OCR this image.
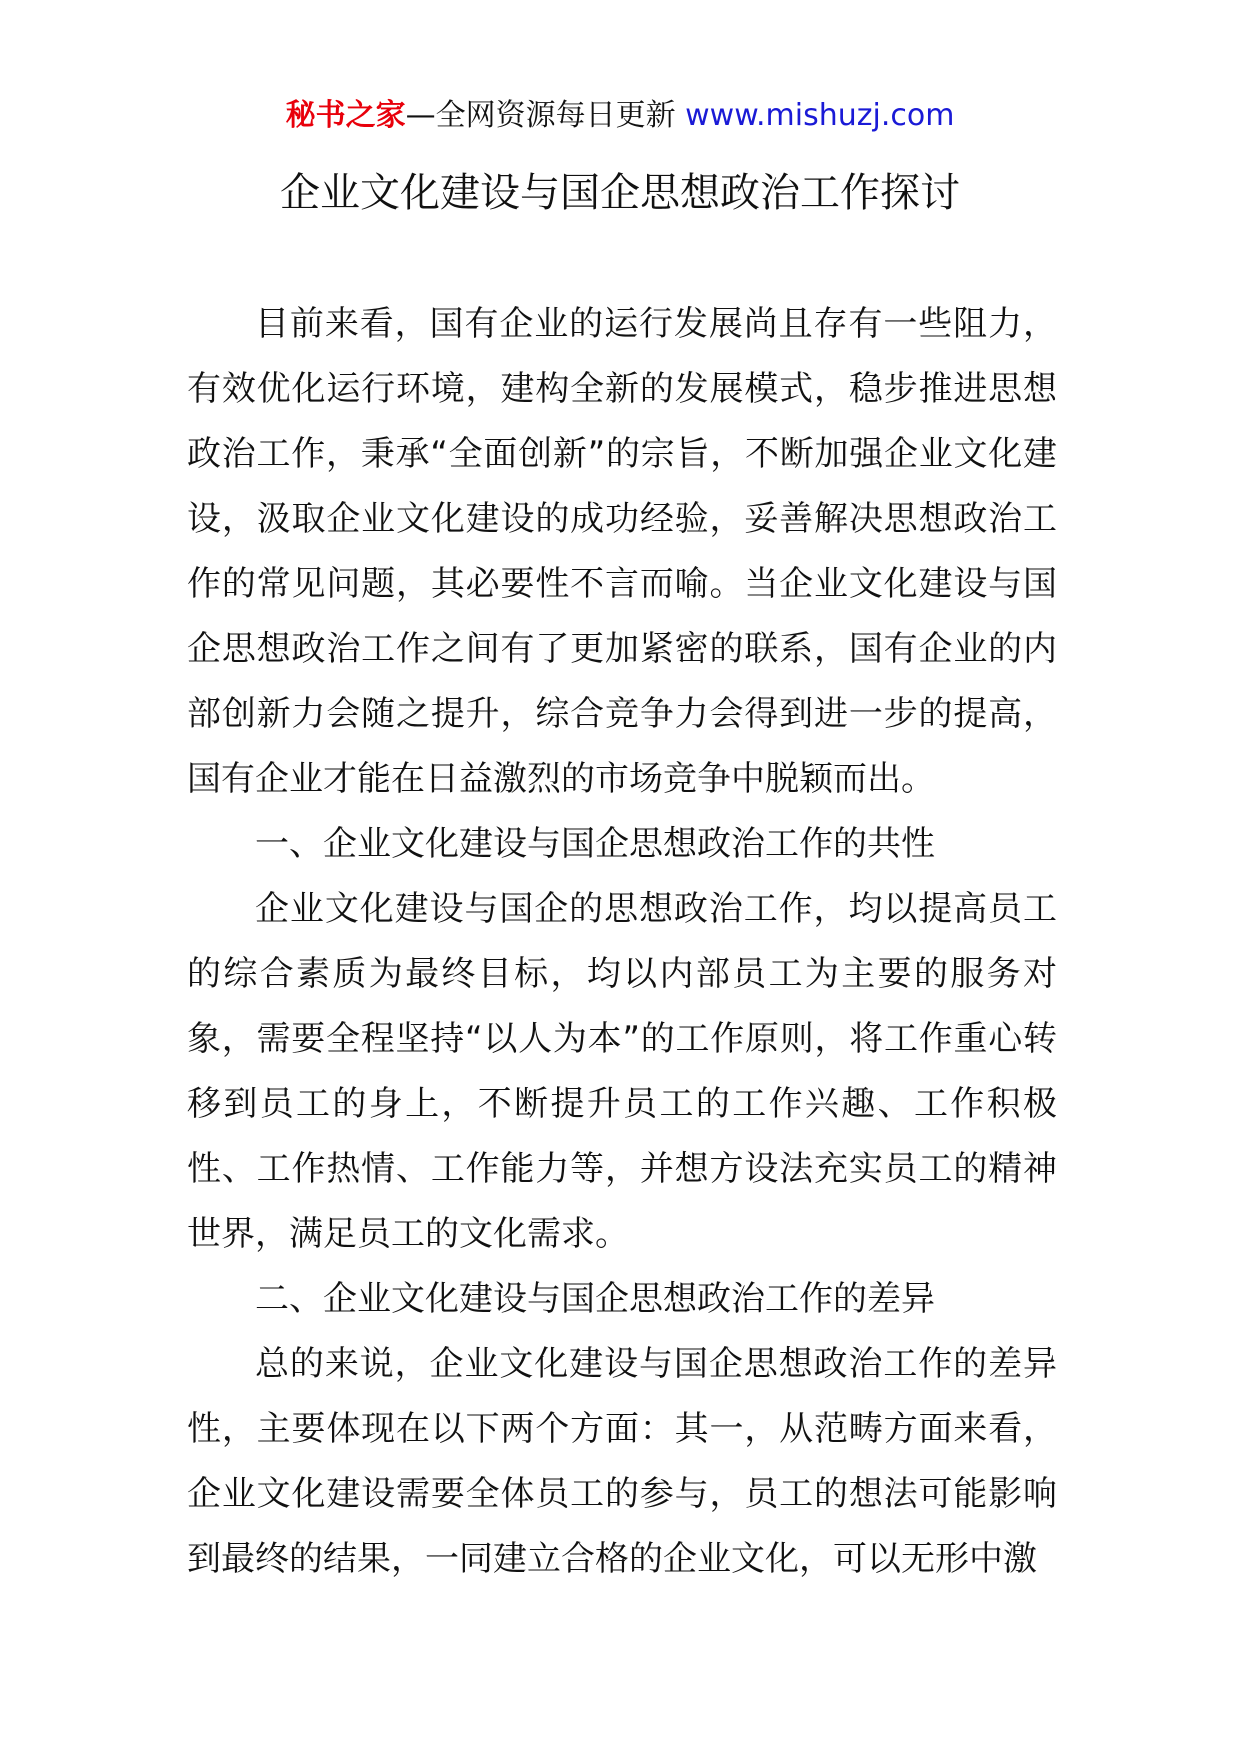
秘书之家—全网资源每日更新 www.mishuzj.com
企业文化建设与国企思想政治工作探讨

目前来看，国有企业的运行发展尚且存有一些阻力，有效优化运行环境，建构全新的发展模式，稳步推进思想政治工作，秉承“全面创新”的宗旨，不断加强企业文化建设，汲取企业文化建设的成功经验，妥善解决思想政治工作的常见问题，其必要性不言而喻。当企业文化建设与国企思想政治工作之间有了更加紧密的联系，国有企业的内部创新力会随之提升，综合竞争力会得到进一步的提高，国有企业才能在日益激烈的市场竞争中脱颖而出。

一、企业文化建设与国企思想政治工作的共性

企业文化建设与国企的思想政治工作，均以提高员工的综合素质为最终目标，均以内部员工为主要的服务对象，需要全程坚持“以人为本”的工作原则，将工作重心转移到员工的身上，不断提升员工的工作兴趣、工作积极性、工作热情、工作能力等，并想方设法充实员工的精神世界，满足员工的文化需求。

二、企业文化建设与国企思想政治工作的差异

总的来说，企业文化建设与国企思想政治工作的差异性，主要体现在以下两个方面：其一，从范畴方面来看，企业文化建设需要全体员工的参与，员工的想法可能影响到最终的结果，一同建立合格的企业文化，可以无形中激
